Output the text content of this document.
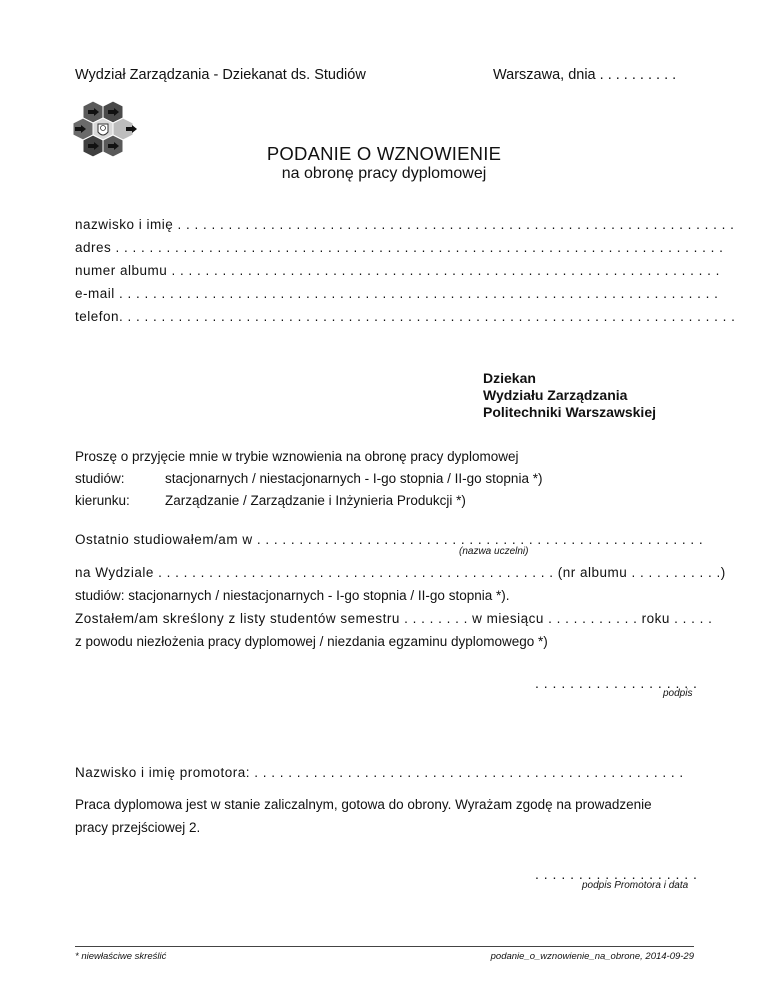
Wydział Zarządzania - Dziekanat ds. Studiów	Warszawa, dnia . . . . . . . . . .
PODANIE O WZNOWIENIE
na obronę pracy dyplomowej
nazwisko i imię . . . . . . . . . . . . . . . . . . . . . . . . . . . . . . . . . . . . . . . . . . . . . . . . . . . . . . . . . . . . . . . . . .
adres . . . . . . . . . . . . . . . . . . . . . . . . . . . . . . . . . . . . . . . . . . . . . . . . . . . . . . . . . . . . . . . . . . . . . . . .
numer albumu . . . . . . . . . . . . . . . . . . . . . . . . . . . . . . . . . . . . . . . . . . . . . . . . . . . . . . . . . . . . . . . . .
e-mail . . . . . . . . . . . . . . . . . . . . . . . . . . . . . . . . . . . . . . . . . . . . . . . . . . . . . . . . . . . . . . . . . . . . . . .
telefon. . . . . . . . . . . . . . . . . . . . . . . . . . . . . . . . . . . . . . . . . . . . . . . . . . . . . . . . . . . . . . . . . . . . . . . . .
Dziekan
Wydziału Zarządzania
Politechniki Warszawskiej
Proszę o przyjęcie mnie w trybie wznowienia na obronę pracy dyplomowej
studiów:	stacjonarnych / niestacjonarnych - I-go stopnia / II-go stopnia *)
kierunku:	Zarządzanie / Zarządzanie i Inżynieria Produkcji *)
Ostatnio studiowałem/am w . . . . . . . . . . . . . . . . . . . . . . . . . . . . . . . . . . . . . . . . . . . . . . . . . . . . .
(nazwa uczelni)
na Wydziale . . . . . . . . . . . . . . . . . . . . . . . . . . . . . . . . . . . . . . . . . . . . . . . (nr albumu . . . . . . . . . . .)
studiów: stacjonarnych / niestacjonarnych - I-go stopnia / II-go stopnia *).
Zostałem/am skreślony z listy studentów semestru . . . . . . . . w miesiącu . . . . . . . . . . . roku . . . . .
z powodu niezłożenia pracy dyplomowej / niezdania egzaminu dyplomowego *)
. . . . . . . . . . . . . . . . . . .
podpis
Nazwisko i imię promotora: . . . . . . . . . . . . . . . . . . . . . . . . . . . . . . . . . . . . . . . . . . . . . . . . . . .
Praca dyplomowa jest w stanie zaliczalnym, gotowa do obrony. Wyrażam zgodę na prowadzenie
pracy przejściowej 2.
. . . . . . . . . . . . . . . . . . .
podpis Promotora i data
* niewłaściwe skreślić	podanie_o_wznowienie_na_obrone, 2014-09-29
